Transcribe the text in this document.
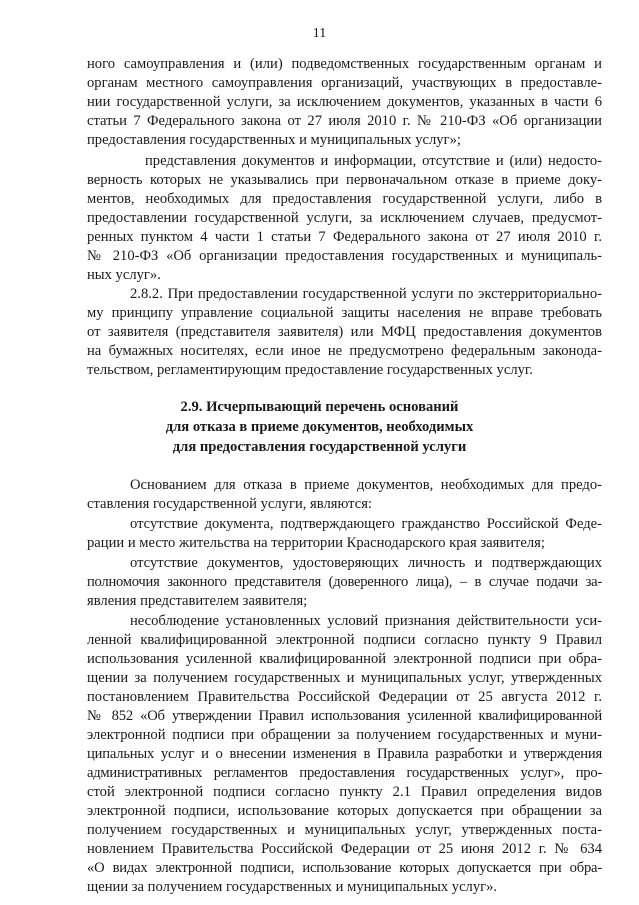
11
ного самоуправления и (или) подведомственных государственным органам и
органам местного самоуправления организаций, участвующих в предоставле-
нии государственной услуги, за исключением документов, указанных в части 6
статьи 7 Федерального закона от 27 июля 2010 г. № 210-ФЗ «Об организации
предоставления государственных и муниципальных услуг»;
представления документов и информации, отсутствие и (или) недосто-
верность которых не указывались при первоначальном отказе в приеме доку-
ментов, необходимых для предоставления государственной услуги, либо в
предоставлении государственной услуги, за исключением случаев, предусмот-
ренных пунктом 4 части 1 статьи 7 Федерального закона от 27 июля 2010 г.
№ 210-ФЗ «Об организации предоставления государственных и муниципаль-
ных услуг».
2.8.2. При предоставлении государственной услуги по экстерриториально-
му принципу управление социальной защиты населения не вправе требовать
от заявителя (представителя заявителя) или МФЦ предоставления документов
на бумажных носителях, если иное не предусмотрено федеральным законода-
тельством, регламентирующим предоставление государственных услуг.
2.9. Исчерпывающий перечень оснований
для отказа в приеме документов, необходимых
для предоставления государственной услуги
Основанием для отказа в приеме документов, необходимых для предо-
ставления государственной услуги, являются:
отсутствие документа, подтверждающего гражданство Российской Феде-
рации и место жительства на территории Краснодарского края заявителя;
отсутствие документов, удостоверяющих личность и подтверждающих
полномочия законного представителя (доверенного лица), – в случае подачи за-
явления представителем заявителя;
несоблюдение установленных условий признания действительности уси-
ленной квалифицированной электронной подписи согласно пункту 9 Правил
использования усиленной квалифицированной электронной подписи при обра-
щении за получением государственных и муниципальных услуг, утвержденных
постановлением Правительства Российской Федерации от 25 августа 2012 г.
№ 852 «Об утверждении Правил использования усиленной квалифицированной
электронной подписи при обращении за получением государственных и муни-
ципальных услуг и о внесении изменения в Правила разработки и утверждения
административных регламентов предоставления государственных услуг», про-
стой электронной подписи согласно пункту 2.1 Правил определения видов
электронной подписи, использование которых допускается при обращении за
получением государственных и муниципальных услуг, утвержденных поста-
новлением Правительства Российской Федерации от 25 июня 2012 г. № 634
«О видах электронной подписи, использование которых допускается при обра-
щении за получением государственных и муниципальных услуг».
